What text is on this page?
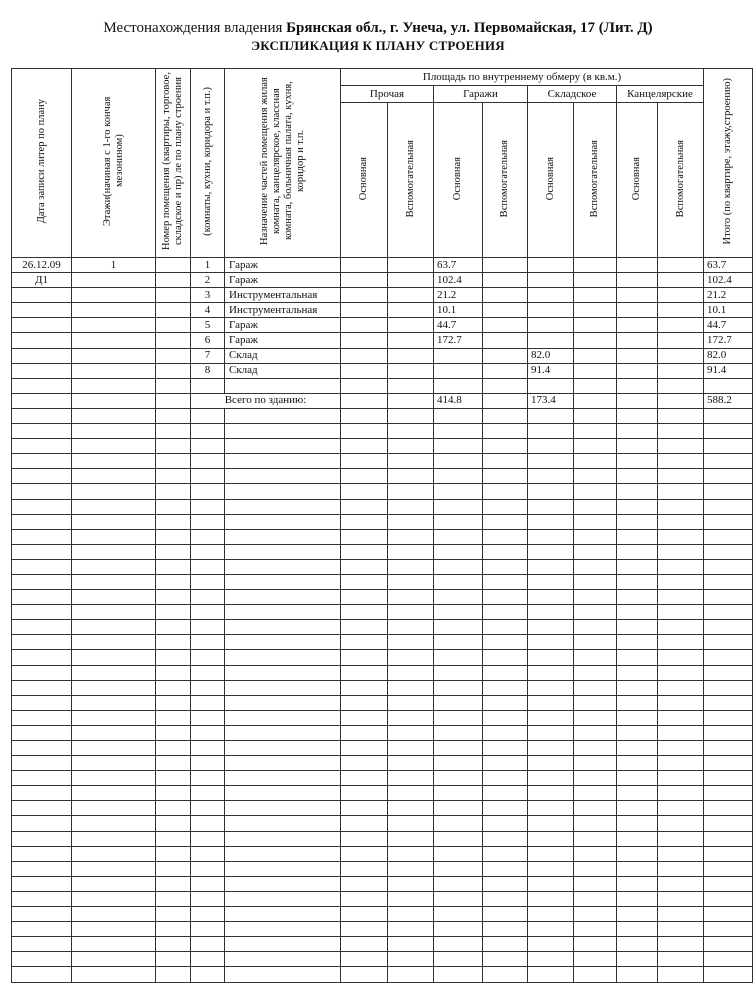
Местонахождения владения Брянская обл., г. Унеча, ул. Первомайская, 17 (Лит. Д)
ЭКСПЛИКАЦИЯ К ПЛАНУ СТРОЕНИЯ
Дата записи литер по плану	Этажи(начиная с 1-го кончая мезонином)	Номер помещения (квартиры, торговое, складское и пр) ле по плану строения	(комнаты, кухни, коридора и т.п.)	Назначение частей помещения жилая комната, канцелярское, классная комната, больничная палата, кухня, коридор и т.п.	Площадь по внутреннему обмеру (в кв.м.)								Итого (по квартире, этажу,строению)
					Прочая		Гаражи		Складское		Канцелярские		
					Основная	Вспомогательная	Основная	Вспомогательная	Основная	Вспомогательная	Основная	Вспомогательная	
26.12.09	1		1	Гараж			63.7						63.7
Д1			2	Гараж			102.4						102.4
			3	Инструментальная			21.2						21.2
			4	Инструментальная			10.1						10.1
			5	Гараж			44.7						44.7
			6	Гараж			172.7						172.7
			7	Склад					82.0				82.0
			8	Склад					91.4				91.4

			Всего по зданию:				414.8		173.4				588.2
